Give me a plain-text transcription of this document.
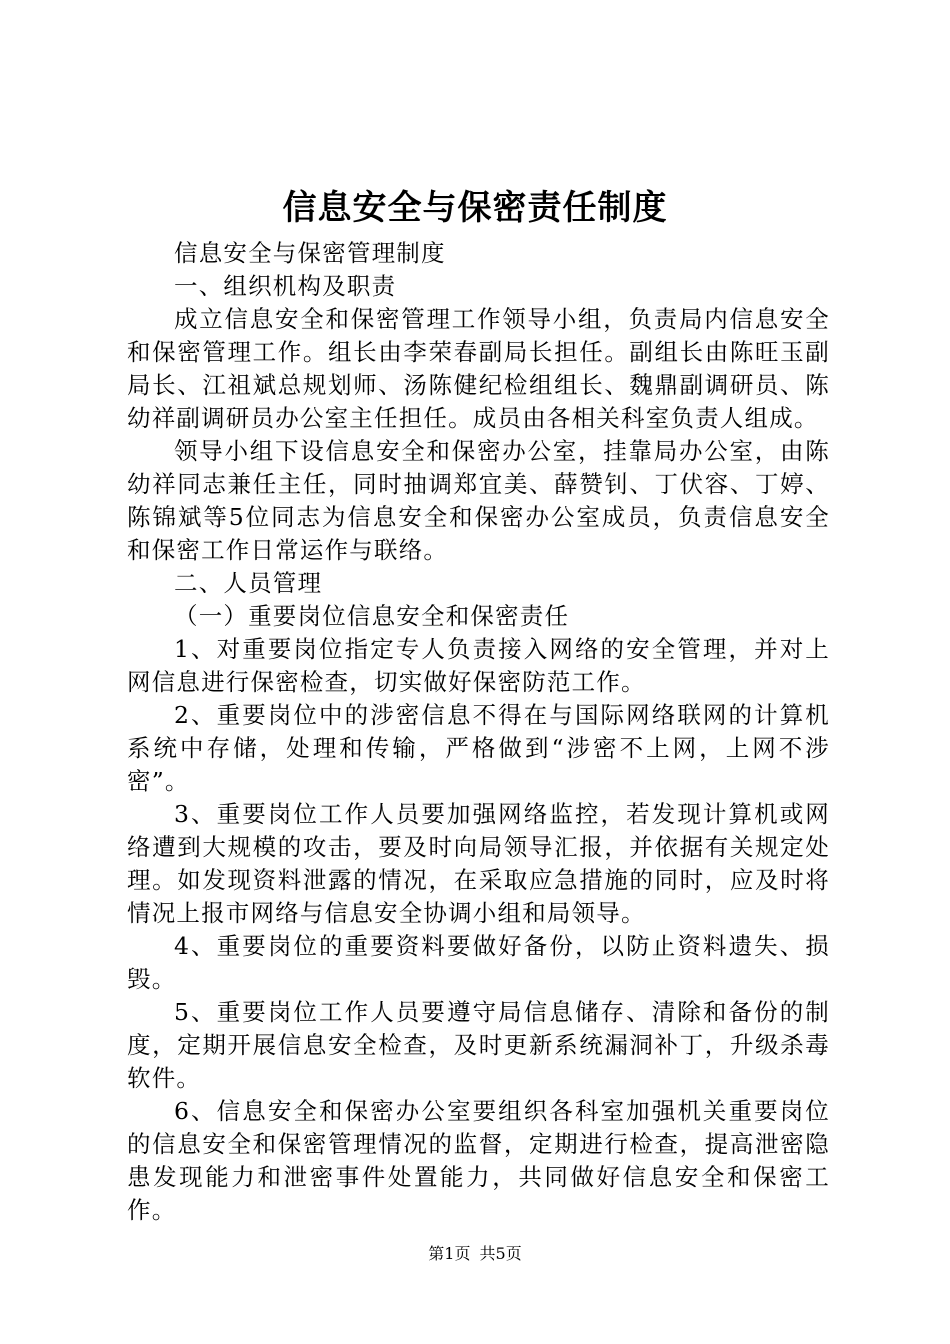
信息安全与保密责任制度

信息安全与保密管理制度

一、组织机构及职责

成立信息安全和保密管理工作领导小组，负责局内信息安全和保密管理工作。组长由李荣春副局长担任。副组长由陈旺玉副局长、江祖斌总规划师、汤陈健纪检组组长、魏鼎副调研员、陈幼祥副调研员办公室主任担任。成员由各相关科室负责人组成。

领导小组下设信息安全和保密办公室，挂靠局办公室，由陈幼祥同志兼任主任，同时抽调郑宜美、薛赞钊、丁伏容、丁婷、陈锦斌等5位同志为信息安全和保密办公室成员，负责信息安全和保密工作日常运作与联络。

二、人员管理

（一）重要岗位信息安全和保密责任

1、对重要岗位指定专人负责接入网络的安全管理，并对上网信息进行保密检查，切实做好保密防范工作。

2、重要岗位中的涉密信息不得在与国际网络联网的计算机系统中存储，处理和传输，严格做到“涉密不上网，上网不涉密”。

3、重要岗位工作人员要加强网络监控，若发现计算机或网络遭到大规模的攻击，要及时向局领导汇报，并依据有关规定处理。如发现资料泄露的情况，在采取应急措施的同时，应及时将情况上报市网络与信息安全协调小组和局领导。

4、重要岗位的重要资料要做好备份，以防止资料遗失、损毁。

5、重要岗位工作人员要遵守局信息储存、清除和备份的制度，定期开展信息安全检查，及时更新系统漏洞补丁，升级杀毒软件。

6、信息安全和保密办公室要组织各科室加强机关重要岗位的信息安全和保密管理情况的监督，定期进行检查，提高泄密隐患发现能力和泄密事件处置能力，共同做好信息安全和保密工作。

第1页 共5页
